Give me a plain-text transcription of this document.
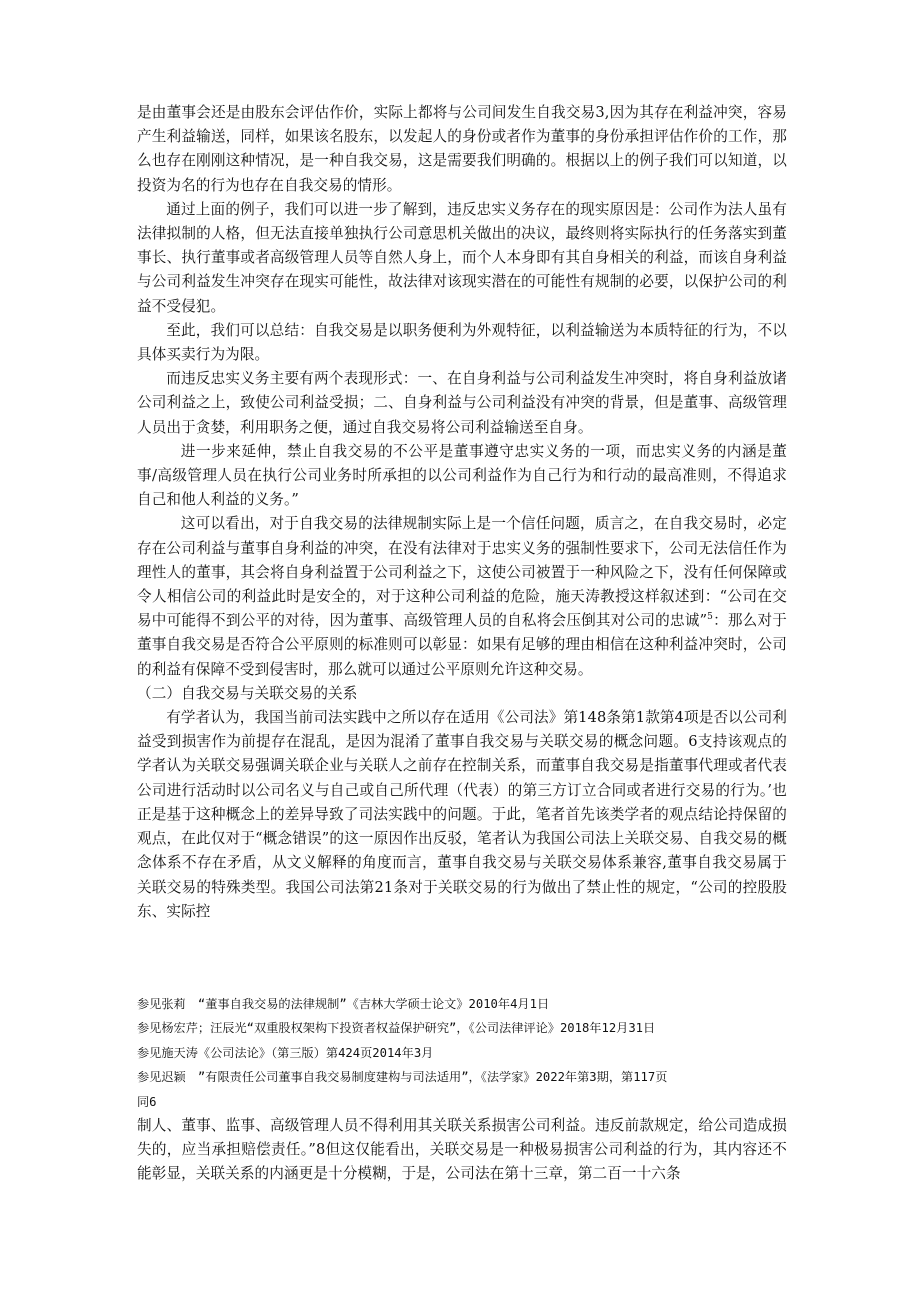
是由董事会还是由股东会评估作价，实际上都将与公司间发生自我交易3,因为其存在利益冲突，容易产生利益输送，同样，如果该名股东，以发起人的身份或者作为董事的身份承担评估作价的工作，那么也存在刚刚这种情况，是一种自我交易，这是需要我们明确的。根据以上的例子我们可以知道，以投资为名的行为也存在自我交易的情形。

通过上面的例子，我们可以进一步了解到，违反忠实义务存在的现实原因是：公司作为法人虽有法律拟制的人格，但无法直接单独执行公司意思机关做出的决议，最终则将实际执行的任务落实到董事长、执行董事或者高级管理人员等自然人身上，而个人本身即有其自身相关的利益，而该自身利益与公司利益发生冲突存在现实可能性，故法律对该现实潜在的可能性有规制的必要，以保护公司的利益不受侵犯。

至此，我们可以总结：自我交易是以职务便利为外观特征，以利益输送为本质特征的行为，不以具体买卖行为为限。

而违反忠实义务主要有两个表现形式：一、在自身利益与公司利益发生冲突时，将自身利益放诸公司利益之上，致使公司利益受损；二、自身利益与公司利益没有冲突的背景，但是董事、高级管理人员出于贪婪，利用职务之便，通过自我交易将公司利益输送至自身。

进一步来延伸，禁止自我交易的不公平是董事遵守忠实义务的一项，而忠实义务的内涵是董事/高级管理人员在执行公司业务时所承担的以公司利益作为自己行为和行动的最高准则，不得追求自己和他人利益的义务。”

这可以看出，对于自我交易的法律规制实际上是一个信任问题，质言之，在自我交易时，必定存在公司利益与董事自身利益的冲突，在没有法律对于忠实义务的强制性要求下，公司无法信任作为理性人的董事，其会将自身利益置于公司利益之下，这使公司被置于一种风险之下，没有任何保障或令人相信公司的利益此时是安全的，对于这种公司利益的危险，施天涛教授这样叙述到：“公司在交易中可能得不到公平的对待，因为董事、高级管理人员的自私将会压倒其对公司的忠诚”$^5$：那么对于董事自我交易是否符合公平原则的标准则可以彰显：如果有足够的理由相信在这种利益冲突时，公司的利益有保障不受到侵害时，那么就可以通过公平原则允许这种交易。

（二）自我交易与关联交易的关系

有学者认为，我国当前司法实践中之所以存在适用《公司法》第148条第1款第4项是否以公司利益受到损害作为前提存在混乱，是因为混淆了董事自我交易与关联交易的概念问题。6支持该观点的学者认为关联交易强调关联企业与关联人之前存在控制关系，而董事自我交易是指董事代理或者代表公司进行活动时以公司名义与自己或自己所代理（代表）的第三方订立合同或者进行交易的行为。’也正是基于这种概念上的差异导致了司法实践中的问题。于此，笔者首先该类学者的观点结论持保留的观点，在此仅对于“概念错误”的这一原因作出反驳，笔者认为我国公司法上关联交易、自我交易的概念体系不存在矛盾，从文义解释的角度而言，董事自我交易与关联交易体系兼容,董事自我交易属于关联交易的特殊类型。我国公司法第21条对于关联交易的行为做出了禁止性的规定，“公司的控股股东、实际控

参见张莉　“董事自我交易的法律规制”《吉林大学硕士论文》2010年4月1日
参见杨宏芹；汪辰光“双重股权架构下投资者权益保护研究”，《公司法律评论》2018年12月31日
参见施天涛《公司法论》（第三版）第424页2014年3月
参见迟颖　”有限责任公司董事自我交易制度建构与司法适用”，《法学家》2022年第3期，第117页
同6

制人、董事、监事、高级管理人员不得利用其关联关系损害公司利益。违反前款规定，给公司造成损失的，应当承担赔偿责任。”8但这仅能看出，关联交易是一种极易损害公司利益的行为，其内容还不能彰显，关联关系的内涵更是十分模糊，于是，公司法在第十三章，第二百一十六条
